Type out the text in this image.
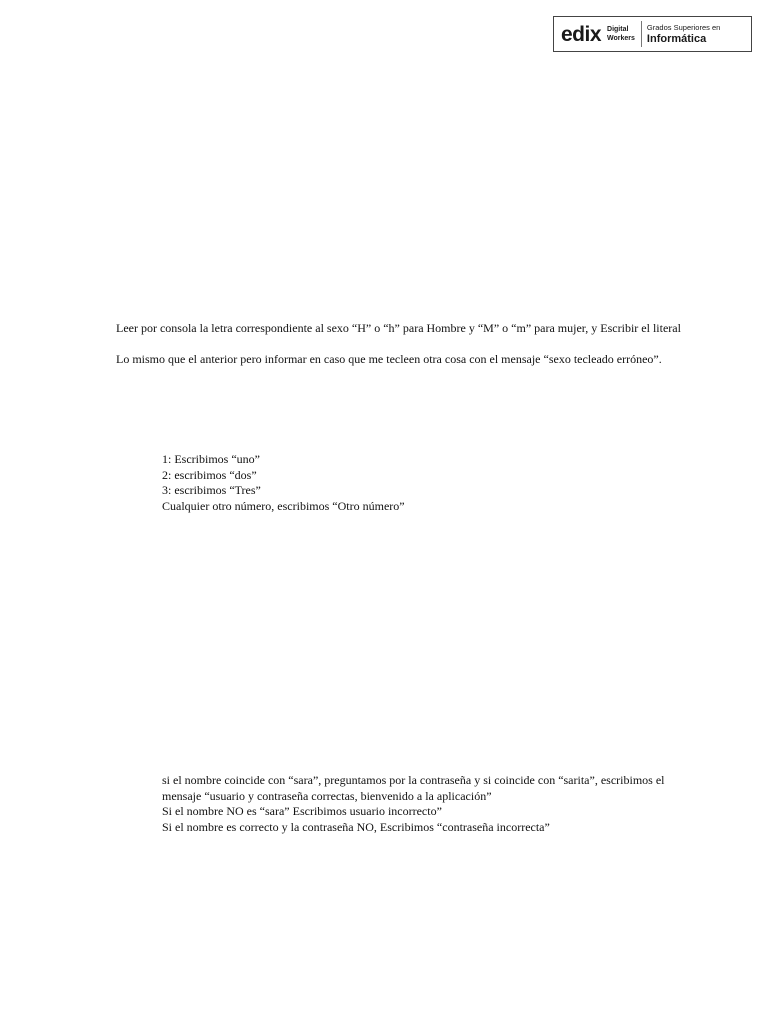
edix Digital
Workers
Grados Superiores en
Informática
Leer por consola la letra correspondiente al sexo “H” o “h” para Hombre y “M” o “m” para mujer, y Escribir el literal
Lo mismo que el anterior pero informar en caso que me tecleen otra cosa con el mensaje “sexo tecleado erróneo”.
1: Escribimos “uno”
2: escribimos “dos”
3: escribimos “Tres”
Cualquier otro número, escribimos “Otro número”
si el nombre coincide con “sara”, preguntamos por la contraseña y si coincide con “sarita”, escribimos el
mensaje “usuario y contraseña correctas, bienvenido a la aplicación”
Si el nombre NO es “sara” Escribimos usuario incorrecto”
Si el nombre es correcto y la contraseña NO, Escribimos “contraseña incorrecta”
